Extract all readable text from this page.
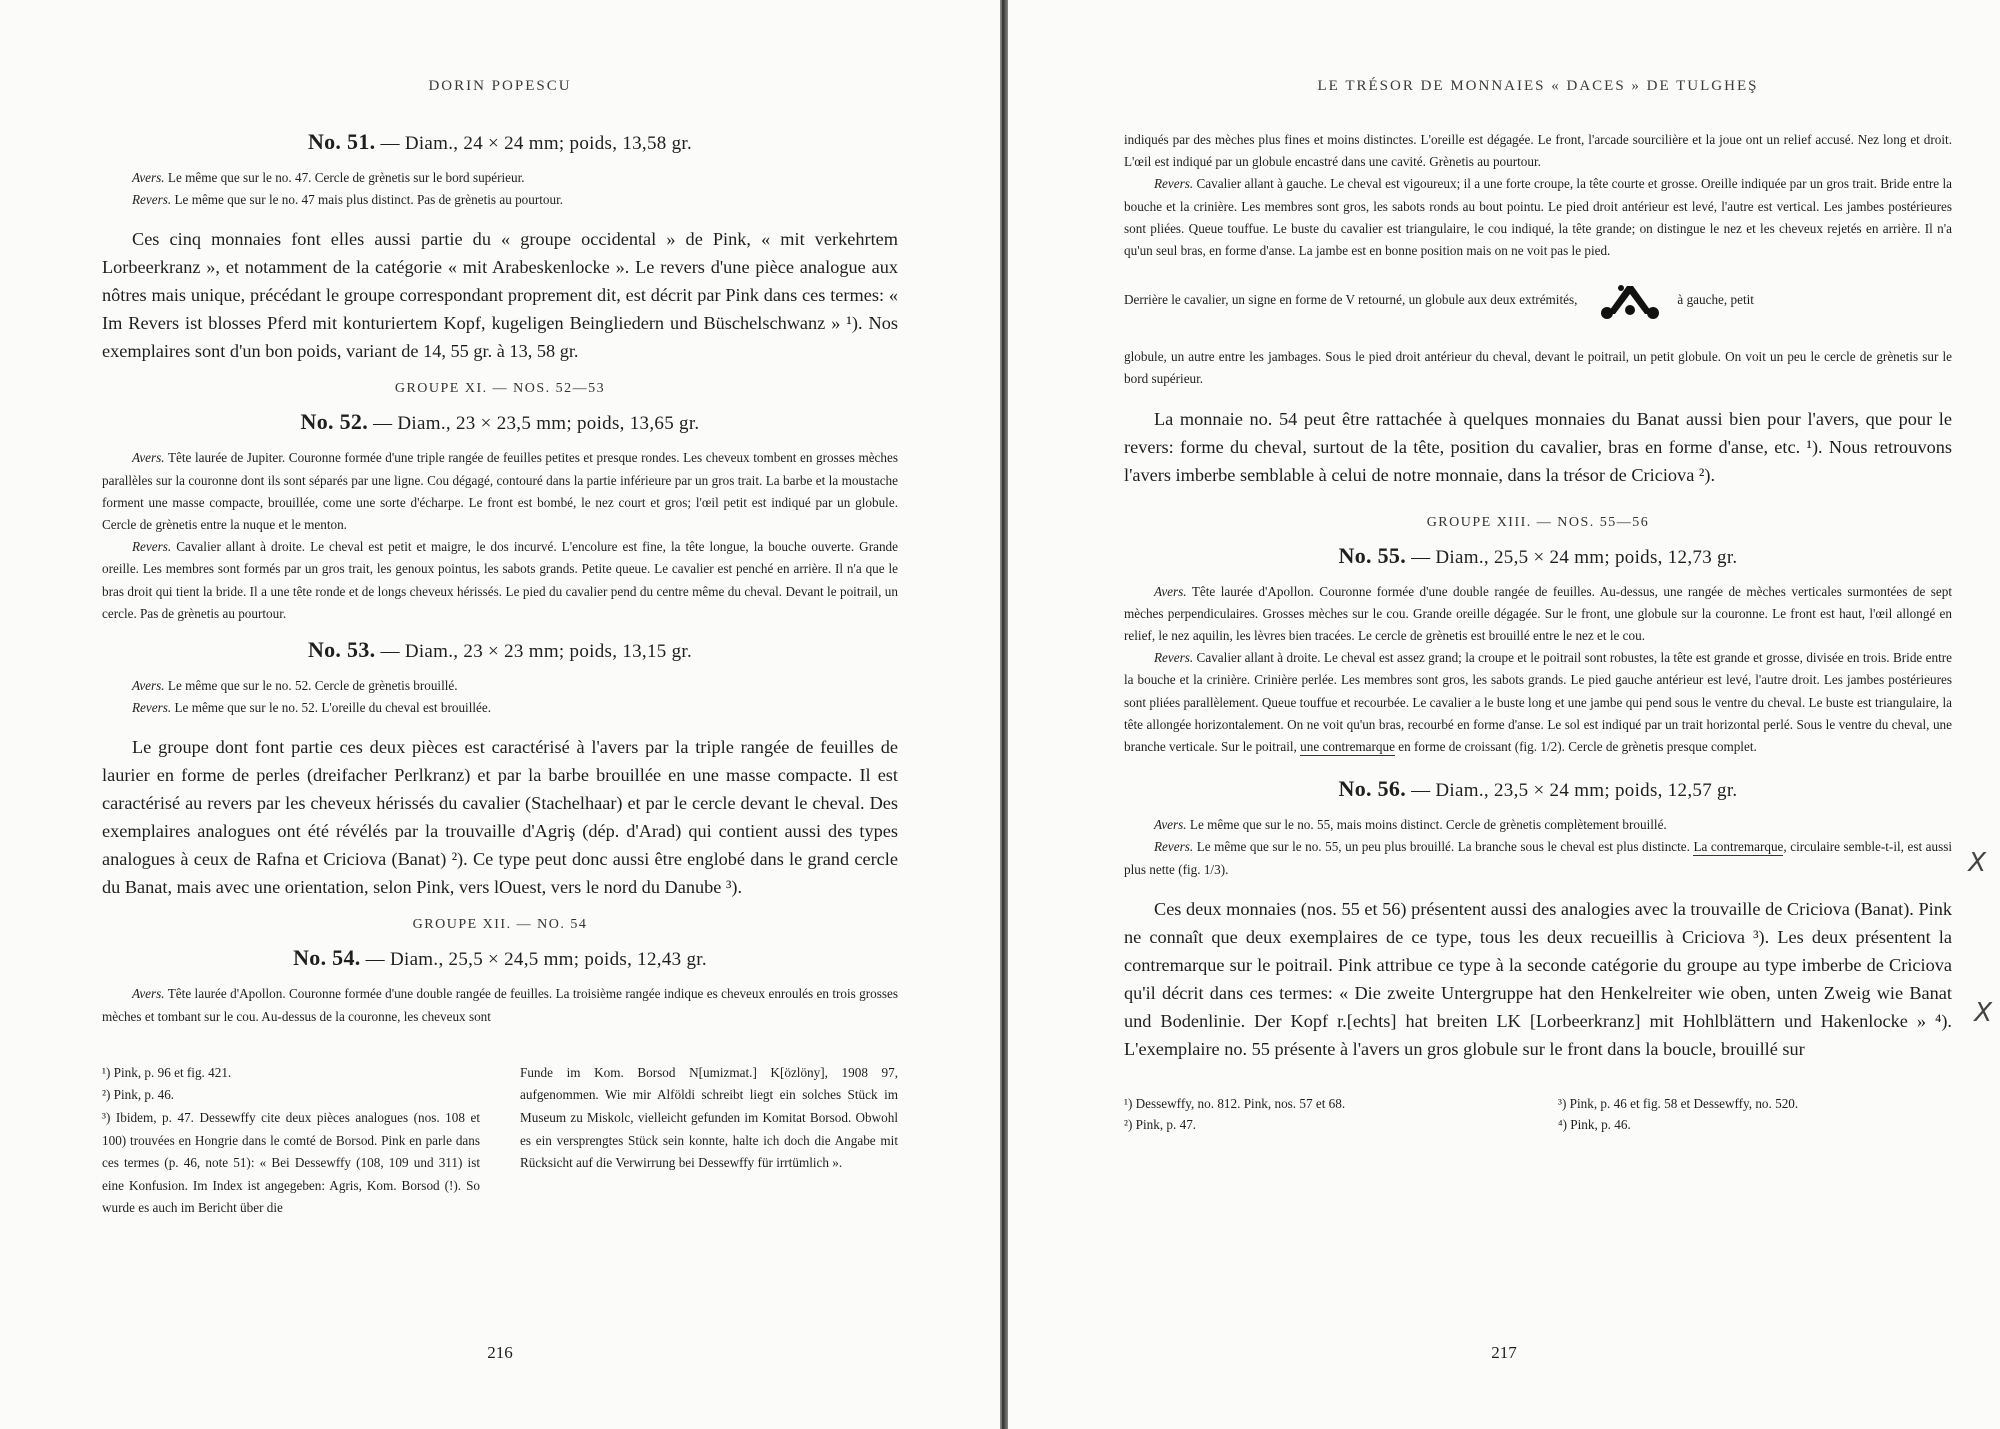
DORIN POPESCU
No. 51. — Diam., 24 × 24 mm; poids, 13,58 gr.

Avers. Le même que sur le no. 47. Cercle de grènetis sur le bord supérieur.

Revers. Le même que sur le no. 47 mais plus distinct. Pas de grènetis au pourtour.

Ces cinq monnaies font elles aussi partie du « groupe occidental » de Pink, « mit verkehrtem Lorbeerkranz », et notamment de la catégorie « mit Arabeskenlocke ». Le revers d'une pièce analogue aux nôtres mais unique, précédant le groupe correspondant proprement dit, est décrit par Pink dans ces termes: « Im Revers ist blosses Pferd mit konturiertem Kopf, kugeligen Beingliedern und Büschelschwanz » ¹). Nos exemplaires sont d'un bon poids, variant de 14, 55 gr. à 13, 58 gr.

GROUPE XI. — NOS. 52—53
No. 52. — Diam., 23 × 23,5 mm; poids, 13,65 gr.

Avers. Tête laurée de Jupiter. Couronne formée d'une triple rangée de feuilles petites et presque rondes. Les cheveux tombent en grosses mèches parallèles sur la couronne dont ils sont séparés par une ligne. Cou dégagé, contouré dans la partie inférieure par un gros trait. La barbe et la moustache forment une masse compacte, brouillée, come une sorte d'écharpe. Le front est bombé, le nez court et gros; l'œil petit est indiqué par un globule. Cercle de grènetis entre la nuque et le menton.

Revers. Cavalier allant à droite. Le cheval est petit et maigre, le dos incurvé. L'encolure est fine, la tête longue, la bouche ouverte. Grande oreille. Les membres sont formés par un gros trait, les genoux pointus, les sabots grands. Petite queue. Le cavalier est penché en arrière. Il n'a que le bras droit qui tient la bride. Il a une tête ronde et de longs cheveux hérissés. Le pied du cavalier pend du centre même du cheval. Devant le poitrail, un cercle. Pas de grènetis au pourtour.

No. 53. — Diam., 23 × 23 mm; poids, 13,15 gr.

Avers. Le même que sur le no. 52. Cercle de grènetis brouillé.

Revers. Le même que sur le no. 52. L'oreille du cheval est brouillée.

Le groupe dont font partie ces deux pièces est caractérisé à l'avers par la triple rangée de feuilles de laurier en forme de perles (dreifacher Perlkranz) et par la barbe brouillée en une masse compacte. Il est caractérisé au revers par les cheveux hérissés du cavalier (Stachelhaar) et par le cercle devant le cheval. Des exemplaires analogues ont été révélés par la trouvaille d'Agriş (dép. d'Arad) qui contient aussi des types analogues à ceux de Rafna et Criciova (Banat) ²). Ce type peut donc aussi être englobé dans le grand cercle du Banat, mais avec une orientation, selon Pink, vers lOuest, vers le nord du Danube ³).

GROUPE XII. — NO. 54
No. 54. — Diam., 25,5 × 24,5 mm; poids, 12,43 gr.

Avers. Tête laurée d'Apollon. Couronne formée d'une double rangée de feuilles. La troisième rangée indique es cheveux enroulés en trois grosses mèches et tombant sur le cou. Au-dessus de la couronne, les cheveux sont

¹) Pink, p. 96 et fig. 421.

²) Pink, p. 46.

³) Ibidem, p. 47. Dessewffy cite deux pièces analogues (nos. 108 et 100) trouvées en Hongrie dans le comté de Borsod. Pink en parle dans ces termes (p. 46, note 51): « Bei Dessewffy (108, 109 und 311) ist eine Konfusion. Im Index ist angegeben: Agris, Kom. Borsod (!). So wurde es auch im Bericht über die

Funde im Kom. Borsod N[umizmat.] K[özlöny], 1908 97, aufgenommen. Wie mir Alföldi schreibt liegt ein solches Stück im Museum zu Miskolc, vielleicht gefunden im Komitat Borsod. Obwohl es ein versprengtes Stück sein konnte, halte ich doch die Angabe mit Rücksicht auf die Verwirrung bei Dessewffy für irrtümlich ».

216
LE TRÉSOR DE MONNAIES « DACES » DE TULGHEŞ

indiqués par des mèches plus fines et moins distinctes. L'oreille est dégagée. Le front, l'arcade sourcilière et la joue ont un relief accusé. Nez long et droit. L'œil est indiqué par un globule encastré dans une cavité. Grènetis au pourtour.

Revers. Cavalier allant à gauche. Le cheval est vigoureux; il a une forte croupe, la tête courte et grosse. Oreille indiquée par un gros trait. Bride entre la bouche et la crinière. Les membres sont gros, les sabots ronds au bout pointu. Le pied droit antérieur est levé, l'autre est vertical. Les jambes postérieures sont pliées. Queue touffue. Le buste du cavalier est triangulaire, le cou indiqué, la tête grande; on distingue le nez et les cheveux rejetés en arrière. Il n'a qu'un seul bras, en forme d'anse. La jambe est en bonne position mais on ne voit pas le pied.

Derrière le cavalier, un signe en forme de V retourné, un globule aux deux extrémités,	à gauche, petit

globule, un autre entre les jambages. Sous le pied droit antérieur du cheval, devant le poitrail, un petit globule. On voit un peu le cercle de grènetis sur le bord supérieur.

La monnaie no. 54 peut être rattachée à quelques monnaies du Banat aussi bien pour l'avers, que pour le revers: forme du cheval, surtout de la tête, position du cavalier, bras en forme d'anse, etc. ¹). Nous retrouvons l'avers imberbe semblable à celui de notre monnaie, dans la trésor de Criciova ²).

GROUPE XIII. — NOS. 55—56
No. 55. — Diam., 25,5 × 24 mm; poids, 12,73 gr.

Avers. Tête laurée d'Apollon. Couronne formée d'une double rangée de feuilles. Au-dessus, une rangée de mèches verticales surmontées de sept mèches perpendiculaires. Grosses mèches sur le cou. Grande oreille dégagée. Sur le front, une globule sur la couronne. Le front est haut, l'œil allongé en relief, le nez aquilin, les lèvres bien tracées. Le cercle de grènetis est brouillé entre le nez et le cou.

Revers. Cavalier allant à droite. Le cheval est assez grand; la croupe et le poitrail sont robustes, la tête est grande et grosse, divisée en trois. Bride entre la bouche et la crinière. Crinière perlée. Les membres sont gros, les sabots grands. Le pied gauche antérieur est levé, l'autre droit. Les jambes postérieures sont pliées parallèlement. Queue touffue et recourbée. Le cavalier a le buste long et une jambe qui pend sous le ventre du cheval. Le buste est triangulaire, la tête allongée horizontalement. On ne voit qu'un bras, recourbé en forme d'anse. Le sol est indiqué par un trait horizontal perlé. Sous le ventre du cheval, une branche verticale. Sur le poitrail, une contremarque en forme de croissant (fig. 1/2). Cercle de grènetis presque complet.

No. 56. — Diam., 23,5 × 24 mm; poids, 12,57 gr.

Avers. Le même que sur le no. 55, mais moins distinct. Cercle de grènetis complètement brouillé.

Revers. Le même que sur le no. 55, un peu plus brouillé. La branche sous le cheval est plus distincte. La contremarque, circulaire semble-t-il, est aussi plus nette (fig. 1/3).

Ces deux monnaies (nos. 55 et 56) présentent aussi des analogies avec la trouvaille de Criciova (Banat). Pink ne connaît que deux exemplaires de ce type, tous les deux recueillis à Criciova ³). Les deux présentent la contremarque sur le poitrail. Pink attribue ce type à la seconde catégorie du groupe au type imberbe de Criciova qu'il décrit dans ces termes: « Die zweite Untergruppe hat den Henkelreiter wie oben, unten Zweig wie Banat und Bodenlinie. Der Kopf r.[echts] hat breiten LK [Lorbeerkranz] mit Hohlblättern und Hakenlocke » ⁴). L'exemplaire no. 55 présente à l'avers un gros globule sur le front dans la boucle, brouillé sur

¹) Dessewffy, no. 812. Pink, nos. 57 et 68.	³) Pink, p. 46 et fig. 58 et Dessewffy, no. 520.
²) Pink, p. 47.	⁴) Pink, p. 46.
217
X
X
